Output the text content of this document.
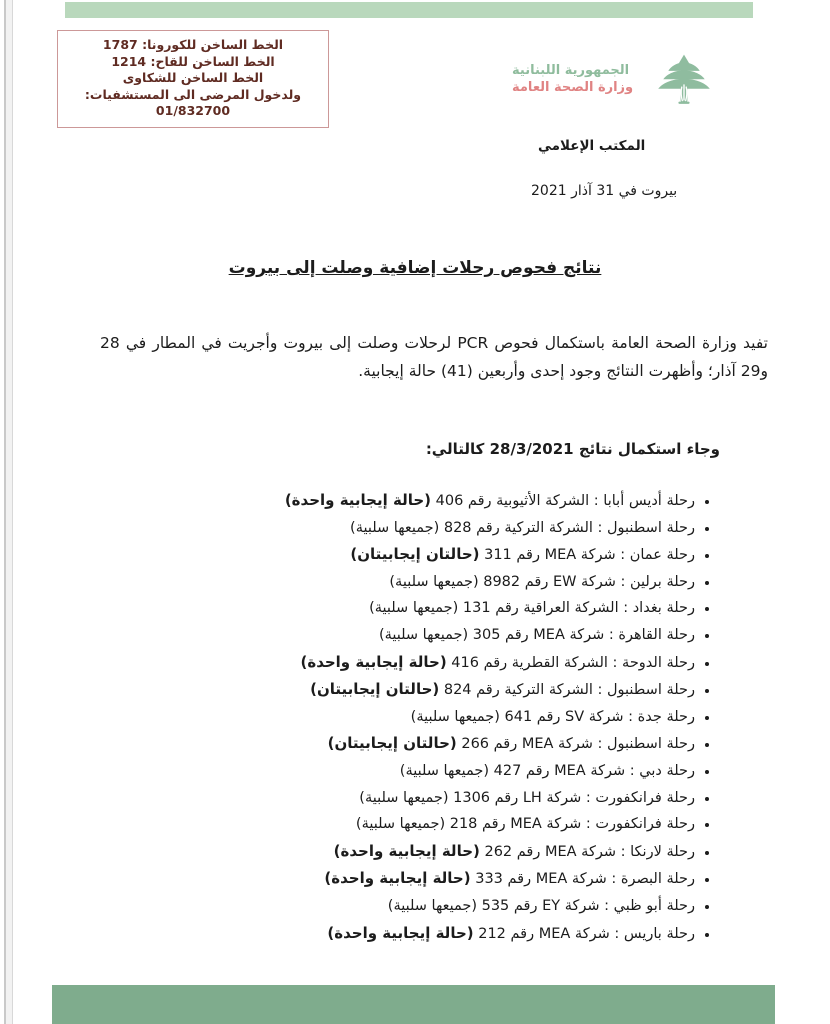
الخط الساخن للكورونا: 1787
الخط الساخن للقاح: 1214
الخط الساخن للشكاوى
ولدخول المرضى الى المستشفيات: 01/832700
الجمهورية اللبنانية
وزارة الصحة العامة
المكتب الإعلامي
بيروت في 31 آذار 2021
نتائج فحوص رحلات إضافية وصلت إلى بيروت
تفيد وزارة الصحة العامة باستكمال فحوص PCR لرحلات وصلت إلى بيروت وأجريت في المطار في 28 و29 آذار؛ وأظهرت النتائج وجود إحدى وأربعين (41) حالة إيجابية.
وجاء استكمال نتائج 28/3/2021 كالتالي:
• رحلة أديس أبابا : الشركة الأثيوبية رقم 406 (حالة إيجابية واحدة)
• رحلة اسطنبول : الشركة التركية رقم 828 (جميعها سلبية)
• رحلة عمان : شركة MEA رقم 311 (حالتان إيجابيتان)
• رحلة برلين : شركة EW رقم 8982 (جميعها سلبية)
• رحلة بغداد : الشركة العراقية رقم 131 (جميعها سلبية)
• رحلة القاهرة : شركة MEA رقم 305 (جميعها سلبية)
• رحلة الدوحة : الشركة القطرية رقم 416 (حالة إيجابية واحدة)
• رحلة اسطنبول : الشركة التركية رقم 824 (حالتان إيجابيتان)
• رحلة جدة : شركة SV رقم 641 (جميعها سلبية)
• رحلة اسطنبول : شركة MEA رقم 266 (حالتان إيجابيتان)
• رحلة دبي : شركة MEA رقم 427 (جميعها سلبية)
• رحلة فرانكفورت : شركة LH رقم 1306 (جميعها سلبية)
• رحلة فرانكفورت : شركة MEA رقم 218 (جميعها سلبية)
• رحلة لارنكا : شركة MEA رقم 262 (حالة إيجابية واحدة)
• رحلة البصرة : شركة MEA رقم 333 (حالة إيجابية واحدة)
• رحلة أبو ظبي : شركة EY رقم 535 (جميعها سلبية)
• رحلة باريس : شركة MEA رقم 212 (حالة إيجابية واحدة)
